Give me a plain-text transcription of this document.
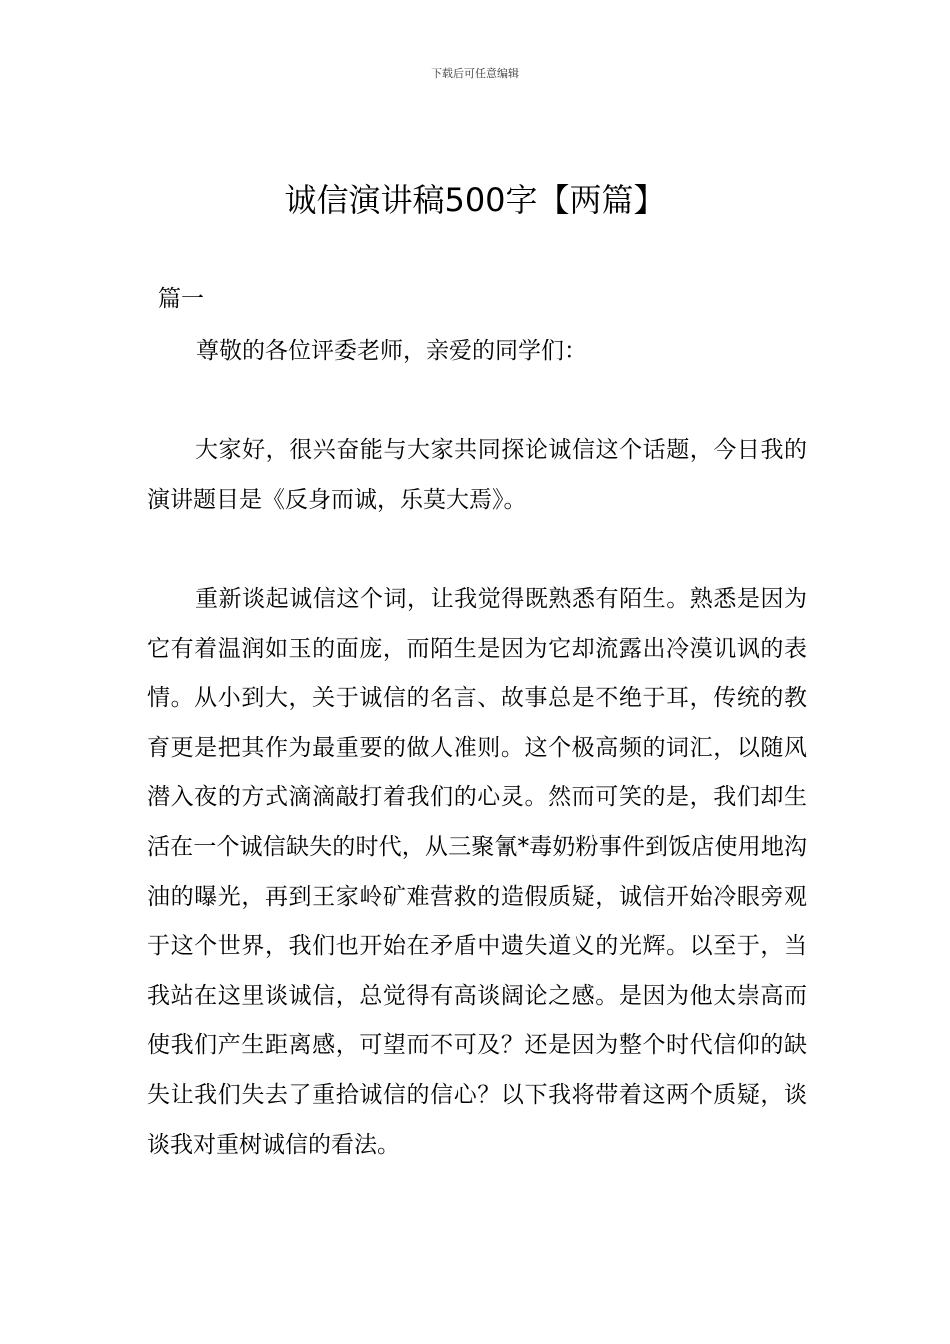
下载后可任意编辑
诚信演讲稿500字【两篇】
篇一
尊敬的各位评委老师，亲爱的同学们：

大家好，很兴奋能与大家共同探论诚信这个话题，今日我的演讲题目是《反身而诚，乐莫大焉》。

重新谈起诚信这个词，让我觉得既熟悉有陌生。熟悉是因为它有着温润如玉的面庞，而陌生是因为它却流露出冷漠讥讽的表情。从小到大，关于诚信的名言、故事总是不绝于耳，传统的教育更是把其作为最重要的做人准则。这个极高频的词汇，以随风潜入夜的方式滴滴敲打着我们的心灵。然而可笑的是，我们却生活在一个诚信缺失的时代，从三聚氰*毒奶粉事件到饭店使用地沟油的曝光，再到王家岭矿难营救的造假质疑，诚信开始冷眼旁观于这个世界，我们也开始在矛盾中遗失道义的光辉。以至于，当我站在这里谈诚信，总觉得有高谈阔论之感。是因为他太崇高而使我们产生距离感，可望而不可及？还是因为整个时代信仰的缺失让我们失去了重拾诚信的信心？以下我将带着这两个质疑，谈谈我对重树诚信的看法。
